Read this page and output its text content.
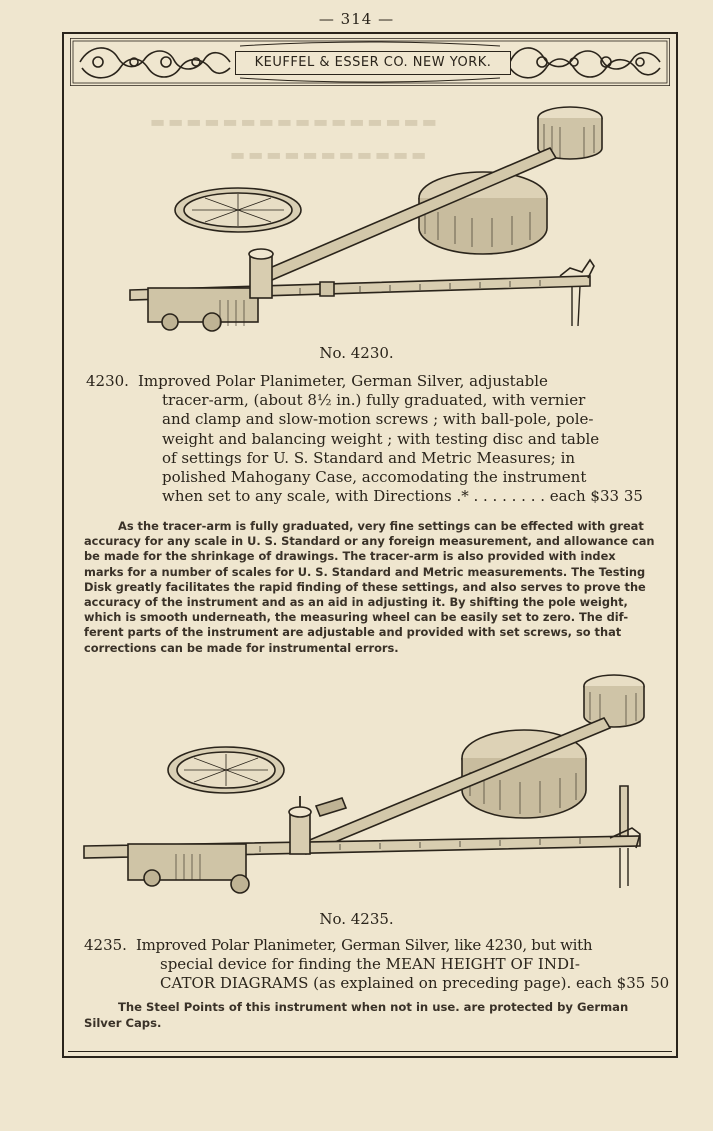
— 314 —
KEUFFEL & ESSER CO. NEW YORK.
▬▬▬▬▬▬▬▬▬▬▬▬▬▬▬▬
▬▬▬▬▬▬▬▬▬▬▬
No. 4230.
4230. Improved Polar Planimeter, German Silver, adjustable
tracer-arm, (about 8½ in.) fully graduated, with vernier
and clamp and slow-motion screws ; with ball-pole, pole-
weight and balancing weight ; with testing disc and table
of settings for U. S. Standard and Metric Measures; in
polished Mahogany Case, accomodating the instrument
when set to any scale, with Directions .* . . . . . . . . each $33 35
As the tracer-arm is fully graduated, very fine settings can be effected with great
accuracy for any scale in U. S. Standard or any foreign measurement, and allowance can
be made for the shrinkage of drawings. The tracer-arm is also provided with index
marks for a number of scales for U. S. Standard and Metric measurements. The Testing
Disk greatly facilitates the rapid finding of these settings, and also serves to prove the
accuracy of the instrument and as an aid in adjusting it. By shifting the pole weight,
which is smooth underneath, the measuring wheel can be easily set to zero. The dif-
ferent parts of the instrument are adjustable and provided with set screws, so that
corrections can be made for instrumental errors.
No. 4235.
4235. Improved Polar Planimeter, German Silver, like 4230, but with
special device for finding the MEAN HEIGHT OF INDI-
CATOR DIAGRAMS (as explained on preceding page). each $35 50
The Steel Points of this instrument when not in use. are protected by German
Silver Caps.
